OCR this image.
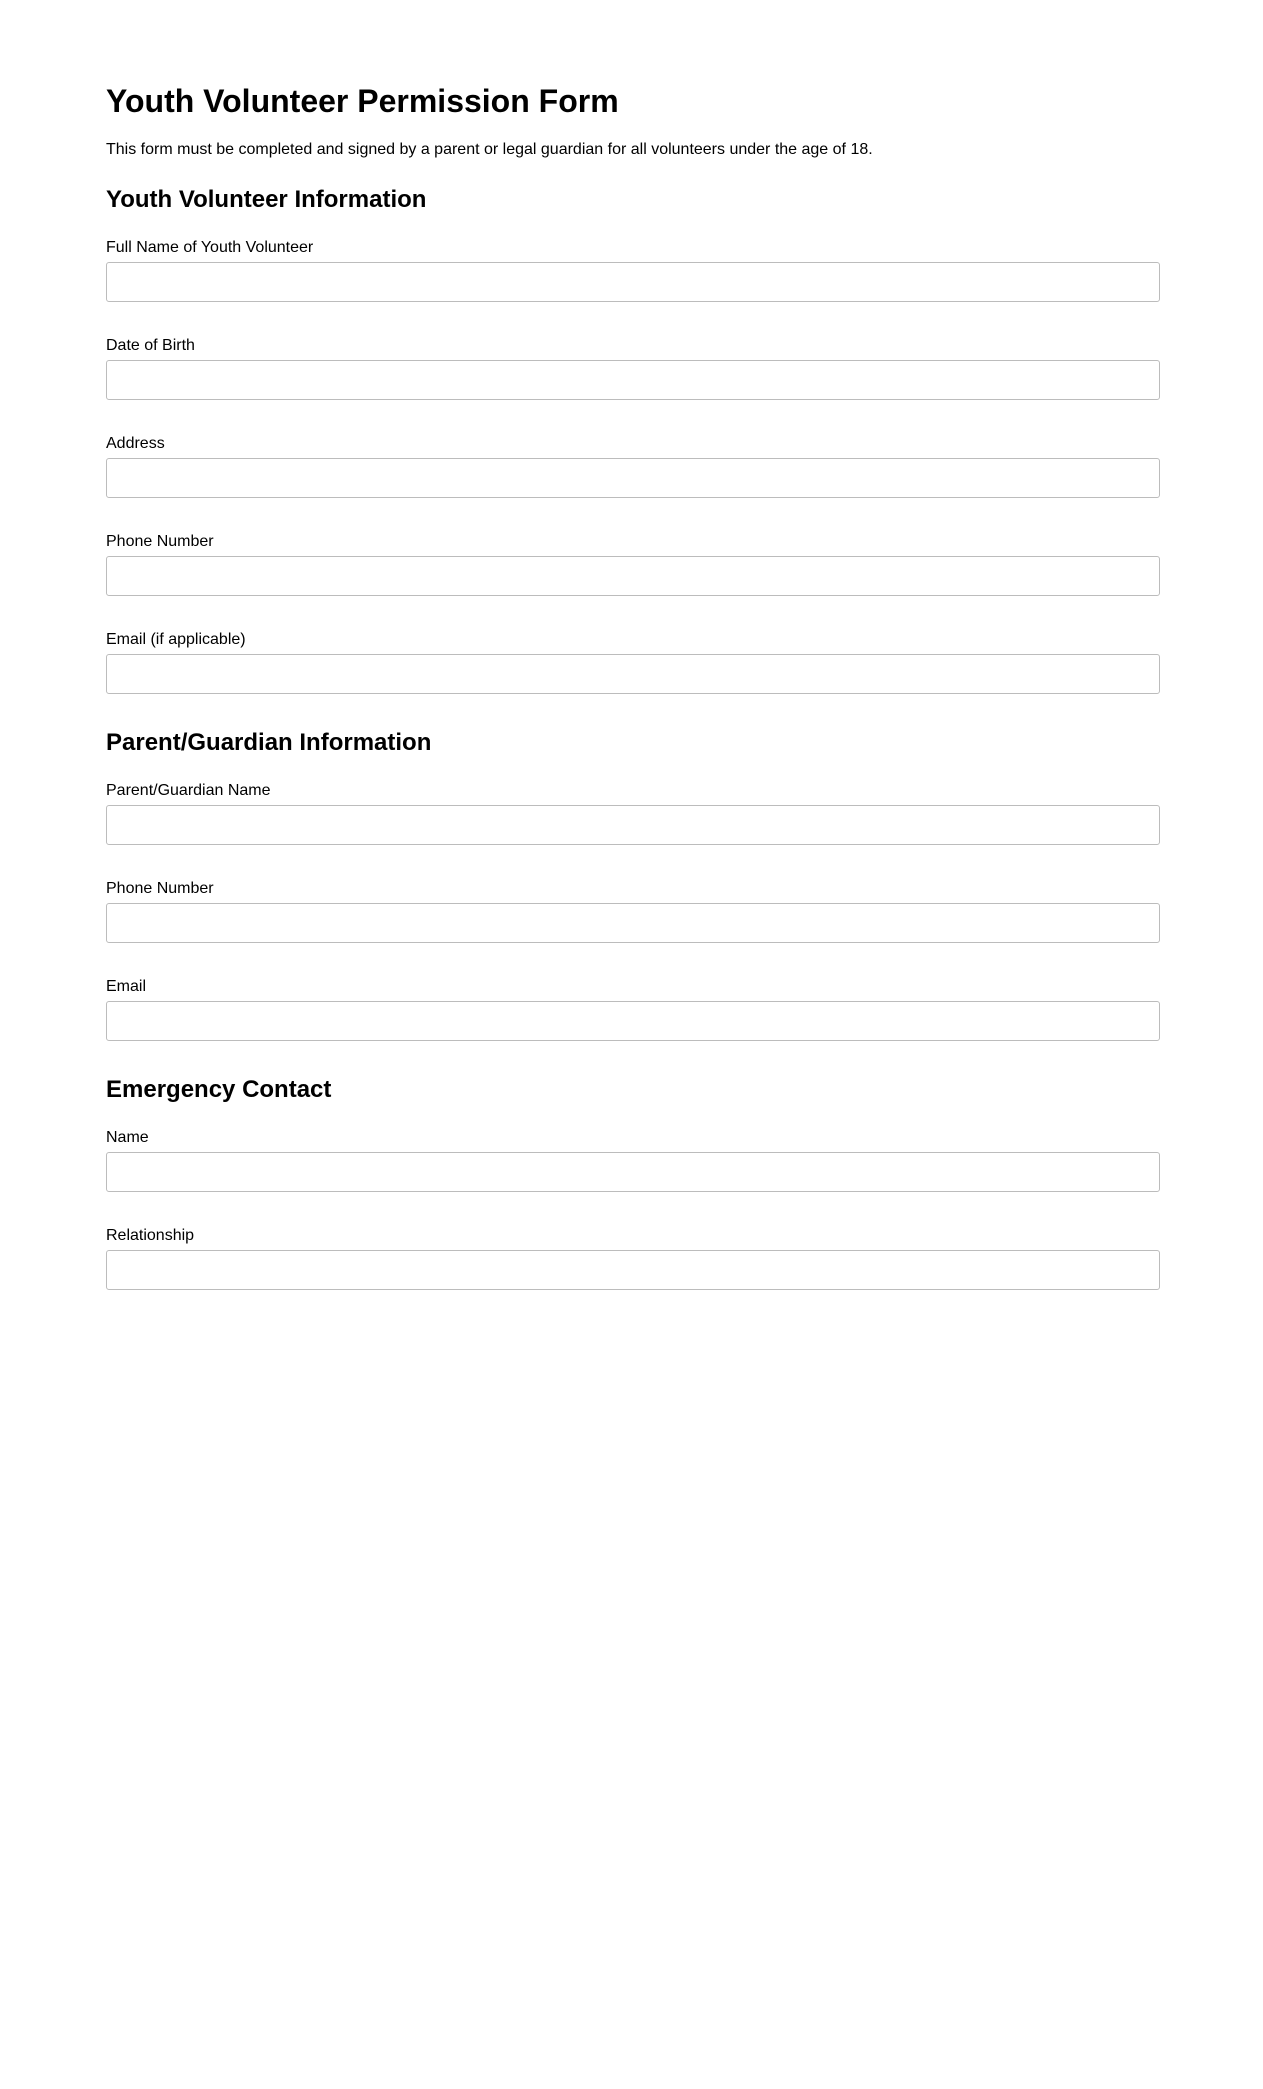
Youth Volunteer Permission Form

This form must be completed and signed by a parent or legal guardian for all volunteers under the age of 18.

Youth Volunteer Information
Full Name of Youth Volunteer
Date of Birth
Address
Phone Number
Email (if applicable)
Parent/Guardian Information
Parent/Guardian Name
Phone Number
Email
Emergency Contact
Name
Relationship
